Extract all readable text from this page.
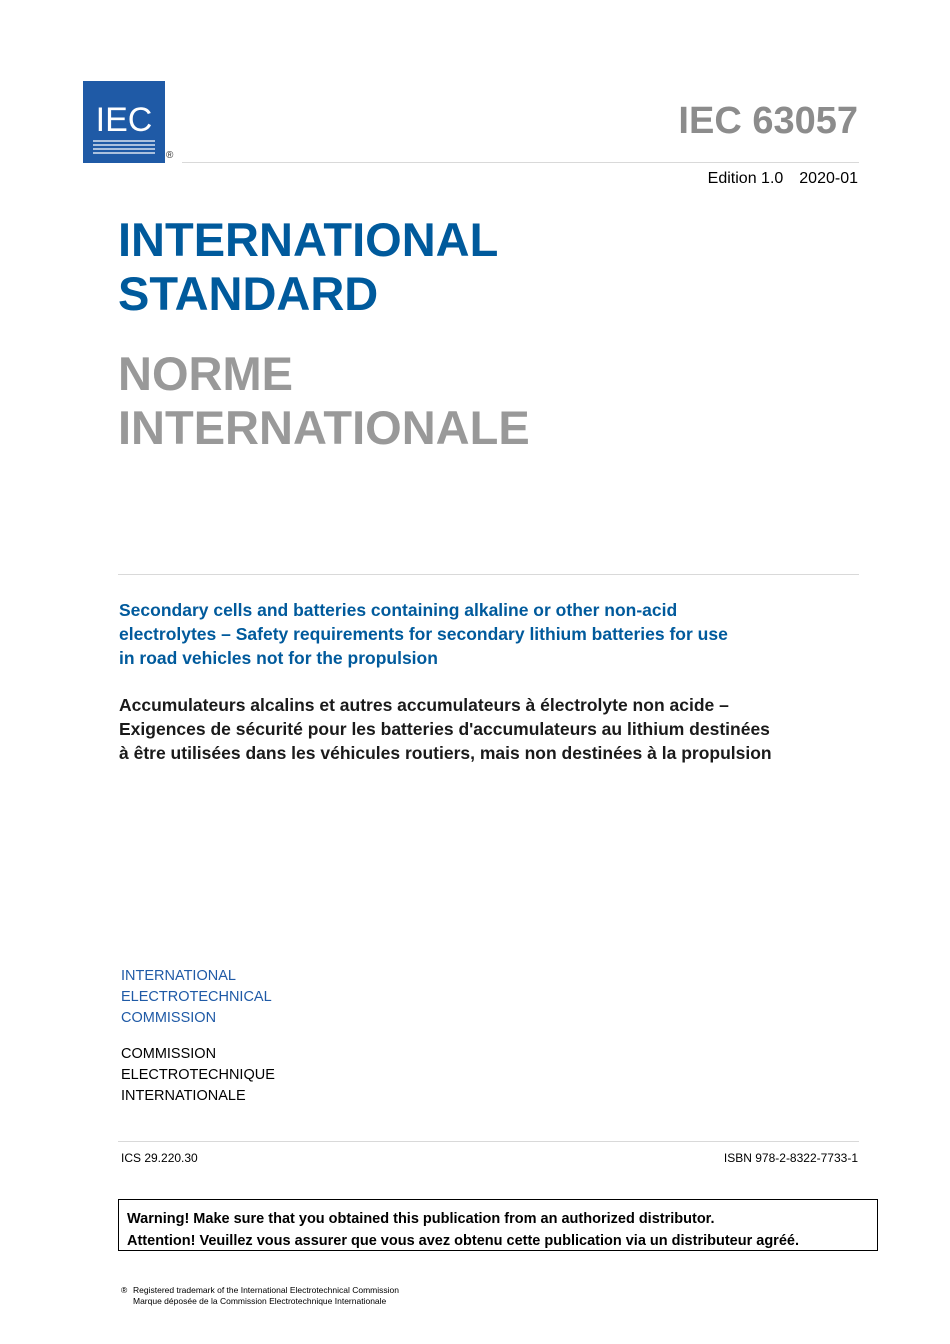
IEC
®
IEC 63057
Edition 1.0 2020-01
INTERNATIONAL
STANDARD
NORME
INTERNATIONALE
Secondary cells and batteries containing alkaline or other non-acid
electrolytes – Safety requirements for secondary lithium batteries for use
in road vehicles not for the propulsion
Accumulateurs alcalins et autres accumulateurs à électrolyte non acide –
Exigences de sécurité pour les batteries d'accumulateurs au lithium destinées
à être utilisées dans les véhicules routiers, mais non destinées à la propulsion
INTERNATIONAL
ELECTROTECHNICAL
COMMISSION
COMMISSION
ELECTROTECHNIQUE
INTERNATIONALE
ICS 29.220.30	ISBN 978-2-8322-7733-1
Warning! Make sure that you obtained this publication from an authorized distributor.
Attention! Veuillez vous assurer que vous avez obtenu cette publication via un distributeur agréé.
® Registered trademark of the International Electrotechnical Commission
Marque déposée de la Commission Electrotechnique Internationale
